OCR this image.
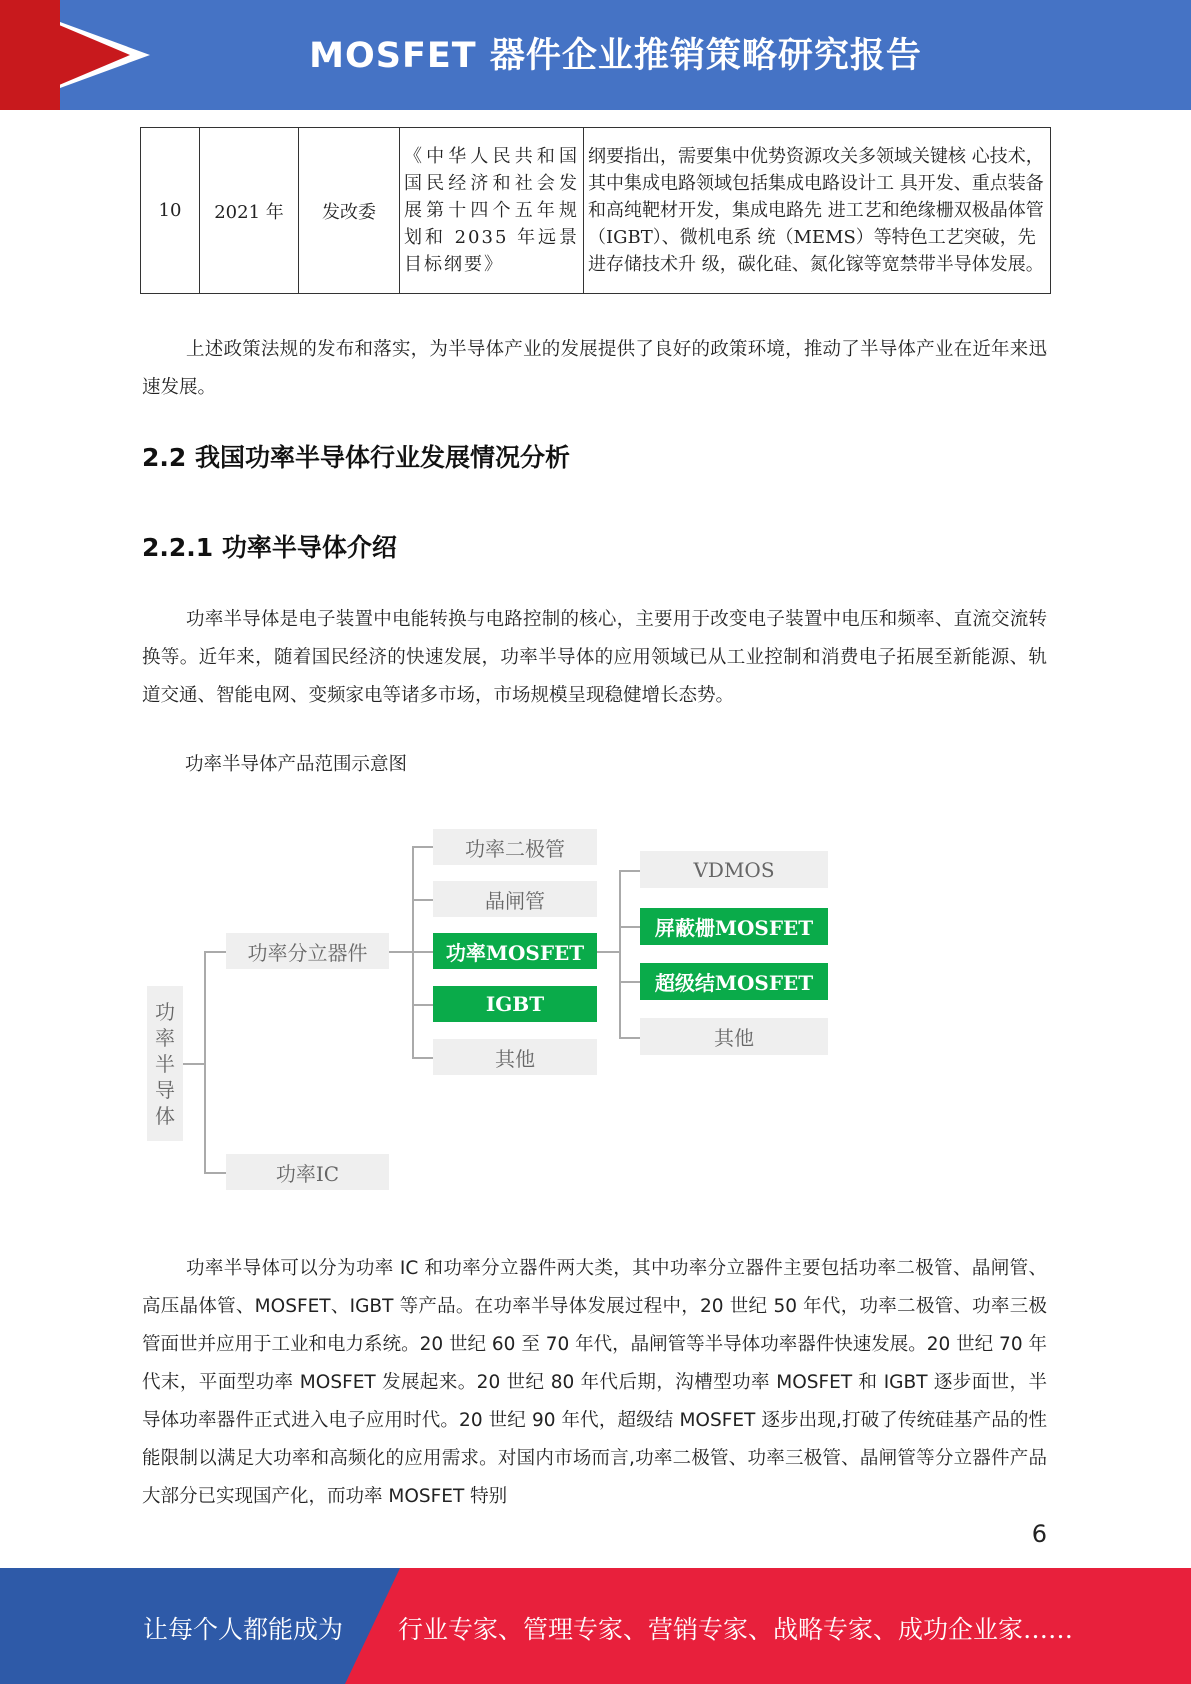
MOSFET 器件企业推销策略研究报告
10	2021 年	发改委	《中华人民共和国国民经济和社会发展第十四个五年规划和 2035 年远景目标纲要》	纲要指出，需要集中优势资源攻关多领域关键核 心技术，其中集成电路领域包括集成电路设计工 具开发、重点装备和高纯靶材开发，集成电路先 进工艺和绝缘栅双极晶体管（IGBT）、微机电系 统（MEMS）等特色工艺突破，先进存储技术升 级，碳化硅、氮化镓等宽禁带半导体发展。
上述政策法规的发布和落实，为半导体产业的发展提供了良好的政策环境，推动了半导体产业在近年来迅速发展。
2.2 我国功率半导体行业发展情况分析
2.2.1 功率半导体介绍
功率半导体是电子装置中电能转换与电路控制的核心，主要用于改变电子装置中电压和频率、直流交流转换等。近年来，随着国民经济的快速发展，功率半导体的应用领域已从工业控制和消费电子拓展至新能源、轨道交通、智能电网、变频家电等诸多市场，市场规模呈现稳健增长态势。
功率半导体产品范围示意图
功
率
半
导
体
功率分立器件
功率IC
功率二极管
晶闸管
功率MOSFET
IGBT
其他
VDMOS
屏蔽栅MOSFET
超级结MOSFET
其他
功率半导体可以分为功率 IC 和功率分立器件两大类，其中功率分立器件主要包括功率二极管、晶闸管、高压晶体管、MOSFET、IGBT 等产品。在功率半导体发展过程中，20 世纪 50 年代，功率二极管、功率三极管面世并应用于工业和电力系统。20 世纪 60 至 70 年代，晶闸管等半导体功率器件快速发展。20 世纪 70 年代末，平面型功率 MOSFET 发展起来。20 世纪 80 年代后期，沟槽型功率 MOSFET 和 IGBT 逐步面世，半导体功率器件正式进入电子应用时代。20 世纪 90 年代，超级结 MOSFET 逐步出现,打破了传统硅基产品的性能限制以满足大功率和高频化的应用需求。对国内市场而言,功率二极管、功率三极管、晶闸管等分立器件产品大部分已实现国产化，而功率 MOSFET 特别
6
让每个人都能成为 行业专家、管理专家、营销专家、战略专家、成功企业家……
